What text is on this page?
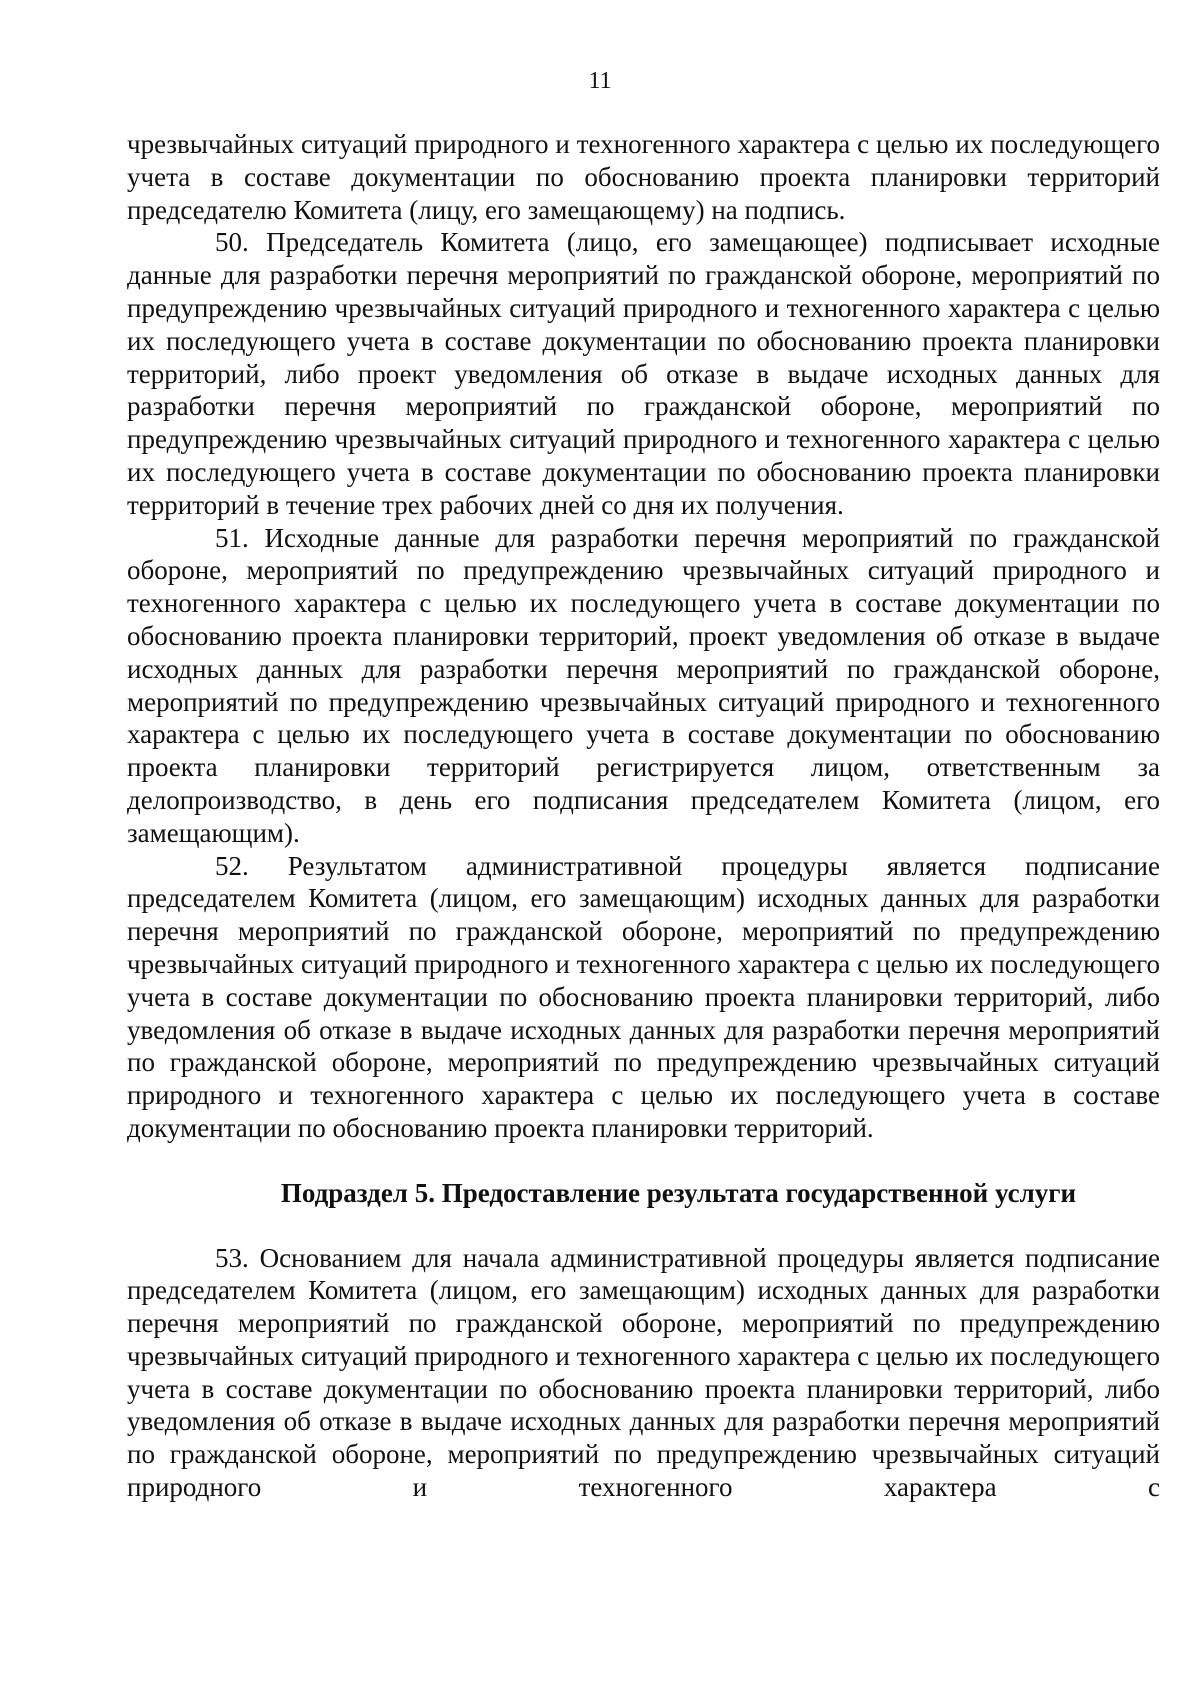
11

чрезвычайных ситуаций природного и техногенного характера с целью их последующего учета в составе документации по обоснованию проекта планировки территорий председателю Комитета (лицу, его замещающему) на подпись.

50. Председатель Комитета (лицо, его замещающее) подписывает исходные данные для разработки перечня мероприятий по гражданской обороне, мероприятий по предупреждению чрезвычайных ситуаций природного и техногенного характера с целью их последующего учета в составе документации по обоснованию проекта планировки территорий, либо проект уведомления об отказе в выдаче исходных данных для разработки перечня мероприятий по гражданской обороне, мероприятий по предупреждению чрезвычайных ситуаций природного и техногенного характера с целью их последующего учета в составе документации по обоснованию проекта планировки территорий в течение трех рабочих дней со дня их получения.

51. Исходные данные для разработки перечня мероприятий по гражданской обороне, мероприятий по предупреждению чрезвычайных ситуаций природного и техногенного характера с целью их последующего учета в составе документации по обоснованию проекта планировки территорий, проект уведомления об отказе в выдаче исходных данных для разработки перечня мероприятий по гражданской обороне, мероприятий по предупреждению чрезвычайных ситуаций природного и техногенного характера с целью их последующего учета в составе документации по обоснованию проекта планировки территорий регистрируется лицом, ответственным за делопроизводство, в день его подписания председателем Комитета (лицом, его замещающим).

52. Результатом административной процедуры является подписание председателем Комитета (лицом, его замещающим) исходных данных для разработки перечня мероприятий по гражданской обороне, мероприятий по предупреждению чрезвычайных ситуаций природного и техногенного характера с целью их последующего учета в составе документации по обоснованию проекта планировки территорий, либо уведомления об отказе в выдаче исходных данных для разработки перечня мероприятий по гражданской обороне, мероприятий по предупреждению чрезвычайных ситуаций природного и техногенного характера с целью их последующего учета в составе документации по обоснованию проекта планировки территорий.

Подраздел 5. Предоставление результата государственной услуги

53. Основанием для начала административной процедуры является подписание председателем Комитета (лицом, его замещающим) исходных данных для разработки перечня мероприятий по гражданской обороне, мероприятий по предупреждению чрезвычайных ситуаций природного и техногенного характера с целью их последующего учета в составе документации по обоснованию проекта планировки территорий, либо уведомления об отказе в выдаче исходных данных для разработки перечня мероприятий по гражданской обороне, мероприятий по предупреждению чрезвычайных ситуаций природного и техногенного характера с
